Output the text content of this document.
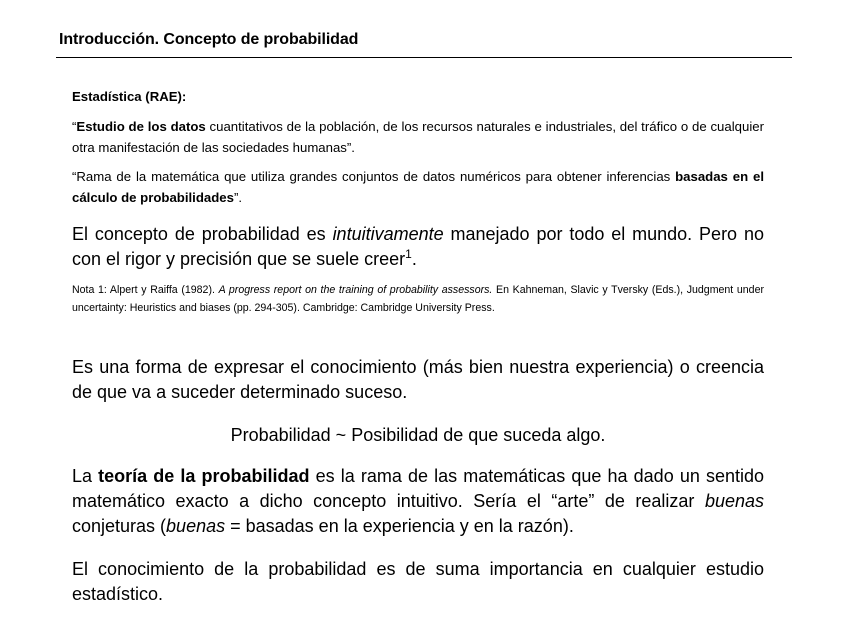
Introducción. Concepto de probabilidad
Estadística (RAE):
“Estudio de los datos cuantitativos de la población, de los recursos naturales e industriales, del tráfico o de cualquier otra manifestación de las sociedades humanas”.
“Rama de la matemática que utiliza grandes conjuntos de datos numéricos para obtener inferencias basadas en el cálculo de probabilidades”.
El concepto de probabilidad es intuitivamente manejado por todo el mundo. Pero no con el rigor y precisión que se suele creer$^1$.
Nota 1: Alpert y Raiffa (1982). A progress report on the training of probability assessors. En Kahneman, Slavic y Tversky (Eds.), Judgment under uncertainty: Heuristics and biases (pp. 294-305). Cambridge: Cambridge University Press.
Es una forma de expresar el conocimiento (más bien nuestra experiencia) o creencia de que va a suceder determinado suceso.
Probabilidad ~ Posibilidad de que suceda algo.
La teoría de la probabilidad es la rama de las matemáticas que ha dado un sentido matemático exacto a dicho concepto intuitivo. Sería el “arte” de realizar buenas conjeturas (buenas = basadas en la experiencia y en la razón).
El conocimiento de la probabilidad es de suma importancia en cualquier estudio estadístico.
